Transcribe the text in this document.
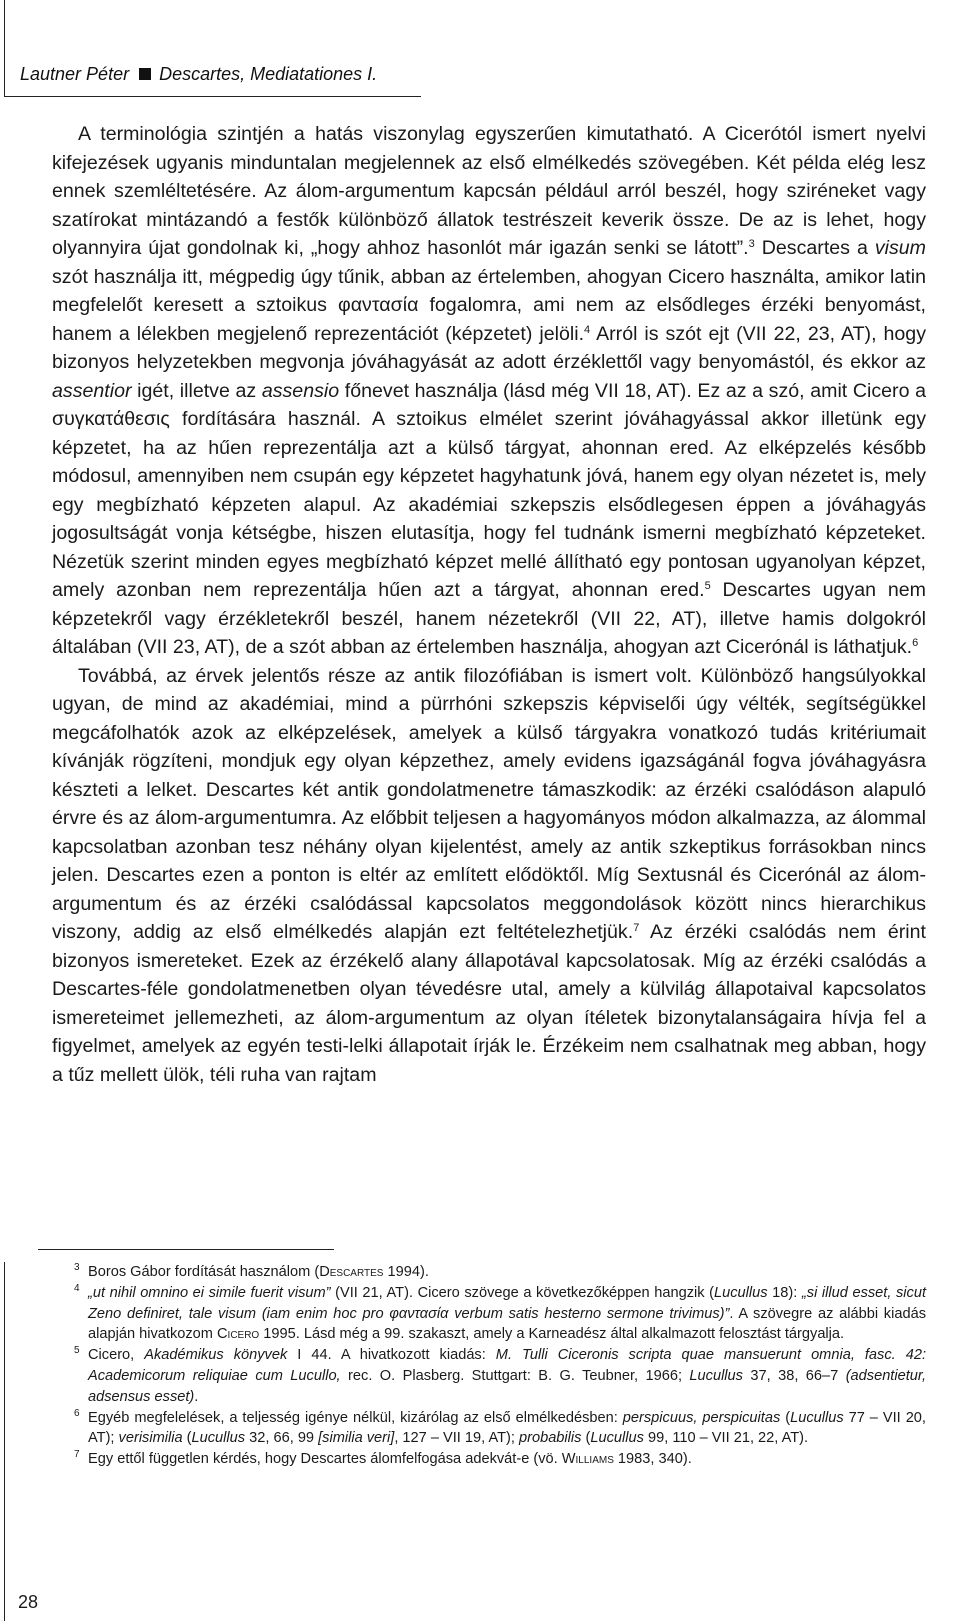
Lautner Péter Descartes, Mediatationes I.

A terminológia szintjén a hatás viszonylag egyszerűen kimutatható. A Cicerótól ismert nyelvi kifejezések ugyanis minduntalan megjelennek az első elmélkedés szövegében. Két példa elég lesz ennek szemléltetésére. Az álom-argumentum kapcsán például arról beszél, hogy sziréneket vagy szatírokat mintázandó a festők különböző állatok testrészeit keverik össze. De az is lehet, hogy olyannyira újat gondolnak ki, „hogy ahhoz hasonlót már igazán senki se látott”.$^3$ Descartes a visum szót használja itt, mégpedig úgy tűnik, abban az értelemben, ahogyan Cicero használta, amikor latin megfelelőt keresett a sztoikus φαντασία fogalomra, ami nem az elsődleges érzéki benyomást, hanem a lélekben megjelenő reprezentációt (képzetet) jelöli.$^4$ Arról is szót ejt (VII 22, 23, AT), hogy bizonyos helyzetekben megvonja jóváhagyását az adott érzéklettől vagy benyomástól, és ekkor az assentior igét, illetve az assensio főnevet használja (lásd még VII 18, AT). Ez az a szó, amit Cicero a συγκατάθεσις fordítására használ. A sztoikus elmélet szerint jóváhagyással akkor illetünk egy képzetet, ha az hűen reprezentálja azt a külső tárgyat, ahonnan ered. Az elképzelés később módosul, amennyiben nem csupán egy képzetet hagyhatunk jóvá, hanem egy olyan nézetet is, mely egy megbízható képzeten alapul. Az akadémiai szkepszis elsődlegesen éppen a jóváhagyás jogosultságát vonja kétségbe, hiszen elutasítja, hogy fel tudnánk ismerni megbízható képzeteket. Nézetük szerint minden egyes megbízható képzet mellé állítható egy pontosan ugyanolyan képzet, amely azonban nem reprezentálja hűen azt a tárgyat, ahonnan ered.$^5$ Descartes ugyan nem képzetekről vagy érzékletekről beszél, hanem nézetekről (VII 22, AT), illetve hamis dolgokról általában (VII 23, AT), de a szót abban az értelemben használja, ahogyan azt Cicerónál is láthatjuk.$^6$

Továbbá, az érvek jelentős része az antik filozófiában is ismert volt. Különböző hangsúlyokkal ugyan, de mind az akadémiai, mind a pürrhóni szkepszis képviselői úgy vélték, segítségükkel megcáfolhatók azok az elképzelések, amelyek a külső tárgyakra vonatkozó tudás kritériumait kívánják rögzíteni, mondjuk egy olyan képzethez, amely evidens igazságánál fogva jóváhagyásra készteti a lelket. Descartes két antik gondolatmenetre támaszkodik: az érzéki csalódáson alapuló érvre és az álom-argumentumra. Az előbbit teljesen a hagyományos módon alkalmazza, az álommal kapcsolatban azonban tesz néhány olyan kijelentést, amely az antik szkeptikus forrásokban nincs jelen. Descartes ezen a ponton is eltér az említett elődöktől. Míg Sextusnál és Cicerónál az álom-argumentum és az érzéki csalódással kapcsolatos meggondolások között nincs hierarchikus viszony, addig az első elmélkedés alapján ezt feltételezhetjük.$^7$ Az érzéki csalódás nem érint bizonyos ismereteket. Ezek az érzékelő alany állapotával kapcsolatosak. Míg az érzéki csalódás a Descartes-féle gondolatmenetben olyan tévedésre utal, amely a külvilág állapotaival kapcsolatos ismereteimet jellemezheti, az álom-argumentum az olyan ítéletek bizonytalanságaira hívja fel a figyelmet, amelyek az egyén testi-lelki állapotait írják le. Érzékeim nem csalhatnak meg abban, hogy a tűz mellett ülök, téli ruha van rajtam

3 Boros Gábor fordítását használom (Descartes 1994).

4 „ut nihil omnino ei simile fuerit visum” (VII 21, AT). Cicero szövege a következőképpen hangzik (Lucullus 18): „si illud esset, sicut Zeno definiret, tale visum (iam enim hoc pro φαντασία verbum satis hesterno sermone trivimus)”. A szövegre az alábbi kiadás alapján hivatkozom Cicero 1995. Lásd még a 99. szakaszt, amely a Karneadész által alkalmazott felosztást tárgyalja.

5 Cicero, Akadémikus könyvek I 44. A hivatkozott kiadás: M. Tulli Ciceronis scripta quae mansuerunt omnia, fasc. 42: Academicorum reliquiae cum Lucullo, rec. O. Plasberg. Stuttgart: B. G. Teubner, 1966; Lucullus 37, 38, 66–7 (adsentietur, adsensus esset).

6 Egyéb megfelelések, a teljesség igénye nélkül, kizárólag az első elmélkedésben: perspicuus, perspicuitas (Lucullus 77 – VII 20, AT); verisimilia (Lucullus 32, 66, 99 [similia veri], 127 – VII 19, AT); probabilis (Lucullus 99, 110 – VII 21, 22, AT).

7 Egy ettől független kérdés, hogy Descartes álomfelfogása adekvát-e (vö. Williams 1983, 340).

28
